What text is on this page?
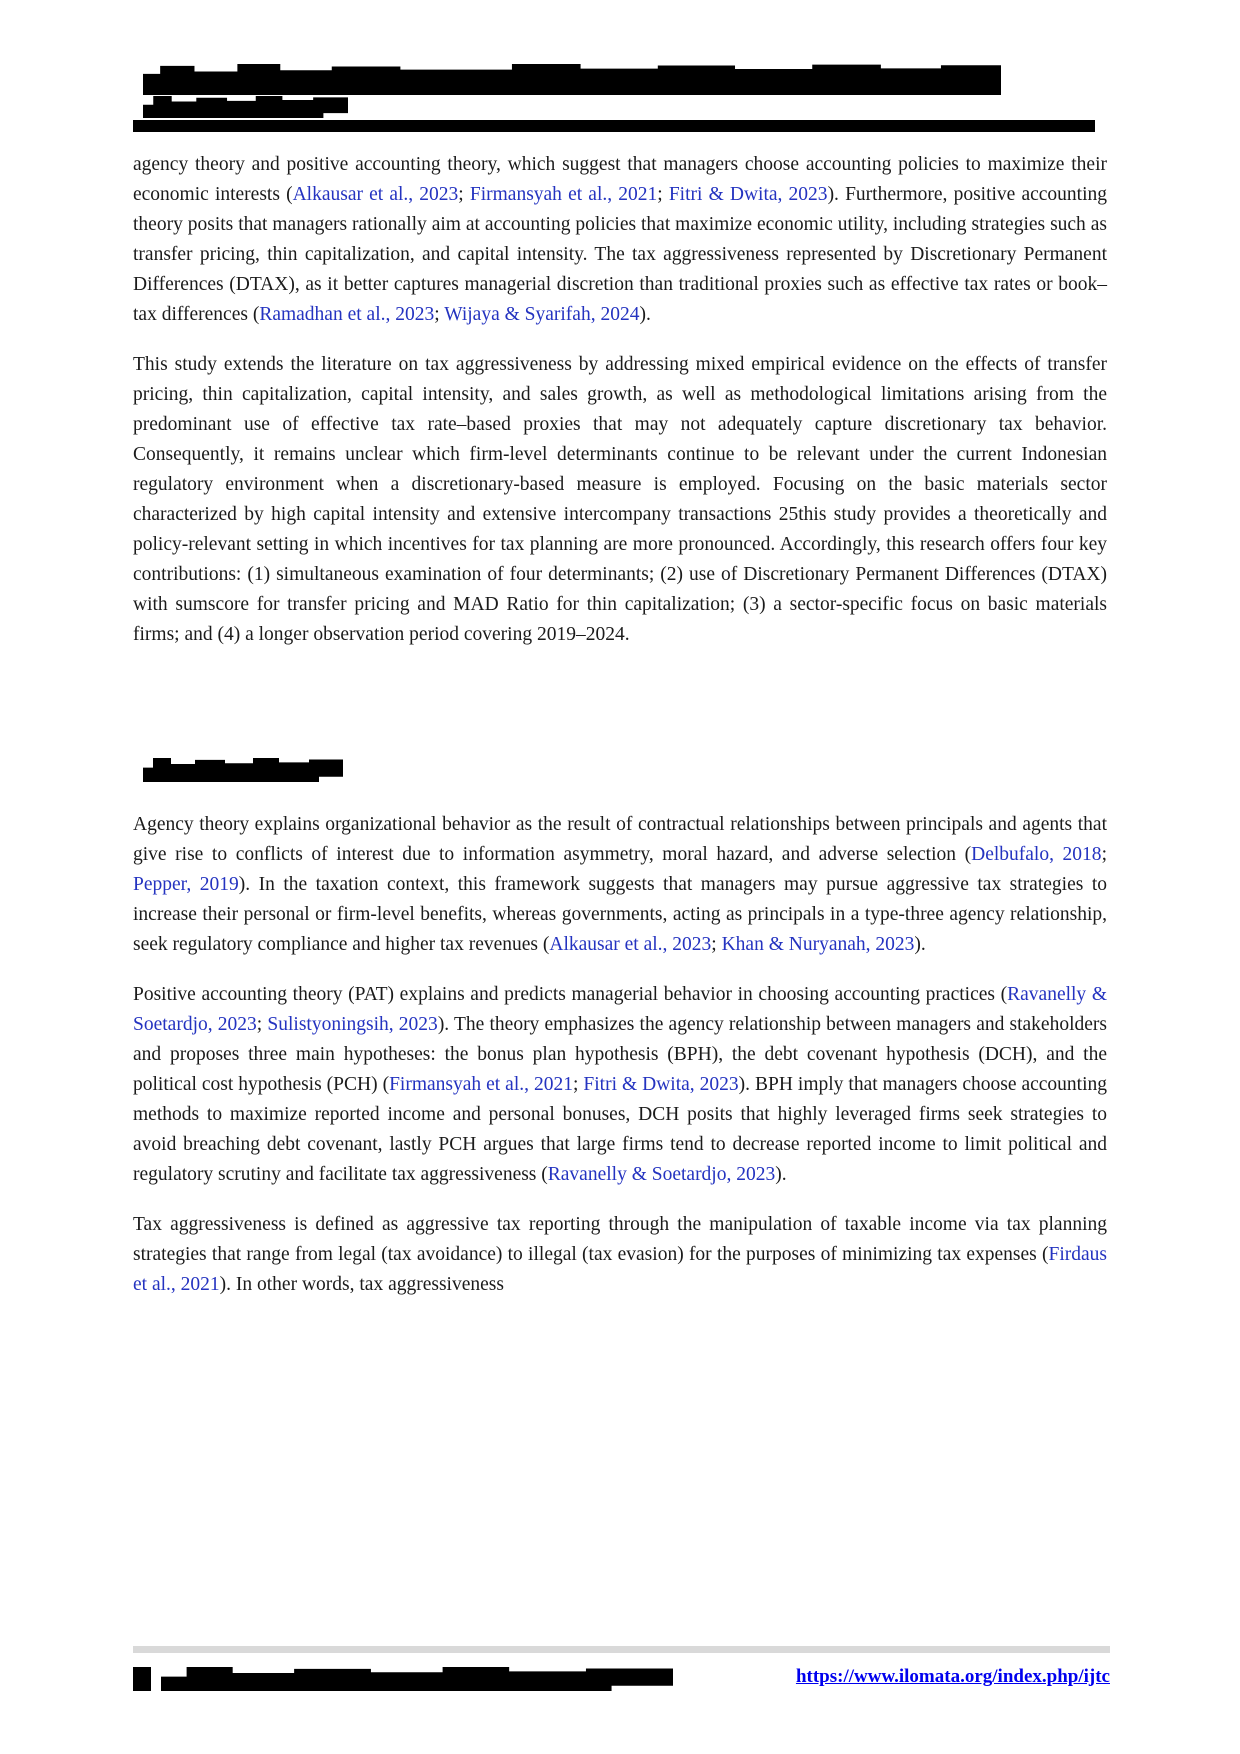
agency theory and positive accounting theory, which suggest that managers choose accounting policies to maximize their economic interests (Alkausar et al., 2023; Firmansyah et al., 2021; Fitri & Dwita, 2023). Furthermore, positive accounting theory posits that managers rationally aim at accounting policies that maximize economic utility, including strategies such as transfer pricing, thin capitalization, and capital intensity. The tax aggressiveness represented by Discretionary Permanent Differences (DTAX), as it better captures managerial discretion than traditional proxies such as effective tax rates or book–tax differences (Ramadhan et al., 2023; Wijaya & Syarifah, 2024).

This study extends the literature on tax aggressiveness by addressing mixed empirical evidence on the effects of transfer pricing, thin capitalization, capital intensity, and sales growth, as well as methodological limitations arising from the predominant use of effective tax rate–based proxies that may not adequately capture discretionary tax behavior. Consequently, it remains unclear which firm-level determinants continue to be relevant under the current Indonesian regulatory environment when a discretionary-based measure is employed. Focusing on the basic materials sector characterized by high capital intensity and extensive intercompany transactions 25this study provides a theoretically and policy-relevant setting in which incentives for tax planning are more pronounced. Accordingly, this research offers four key contributions: (1) simultaneous examination of four determinants; (2) use of Discretionary Permanent Differences (DTAX) with sumscore for transfer pricing and MAD Ratio for thin capitalization; (3) a sector-specific focus on basic materials firms; and (4) a longer observation period covering 2019–2024.

Agency theory explains organizational behavior as the result of contractual relationships between principals and agents that give rise to conflicts of interest due to information asymmetry, moral hazard, and adverse selection (Delbufalo, 2018; Pepper, 2019). In the taxation context, this framework suggests that managers may pursue aggressive tax strategies to increase their personal or firm-level benefits, whereas governments, acting as principals in a type-three agency relationship, seek regulatory compliance and higher tax revenues (Alkausar et al., 2023; Khan & Nuryanah, 2023).

Positive accounting theory (PAT) explains and predicts managerial behavior in choosing accounting practices (Ravanelly & Soetardjo, 2023; Sulistyoningsih, 2023). The theory emphasizes the agency relationship between managers and stakeholders and proposes three main hypotheses: the bonus plan hypothesis (BPH), the debt covenant hypothesis (DCH), and the political cost hypothesis (PCH) (Firmansyah et al., 2021; Fitri & Dwita, 2023). BPH imply that managers choose accounting methods to maximize reported income and personal bonuses, DCH posits that highly leveraged firms seek strategies to avoid breaching debt covenant, lastly PCH argues that large firms tend to decrease reported income to limit political and regulatory scrutiny and facilitate tax aggressiveness (Ravanelly & Soetardjo, 2023).

Tax aggressiveness is defined as aggressive tax reporting through the manipulation of taxable income via tax planning strategies that range from legal (tax avoidance) to illegal (tax evasion) for the purposes of minimizing tax expenses (Firdaus et al., 2021). In other words, tax aggressiveness

https://www.ilomata.org/index.php/ijtc
